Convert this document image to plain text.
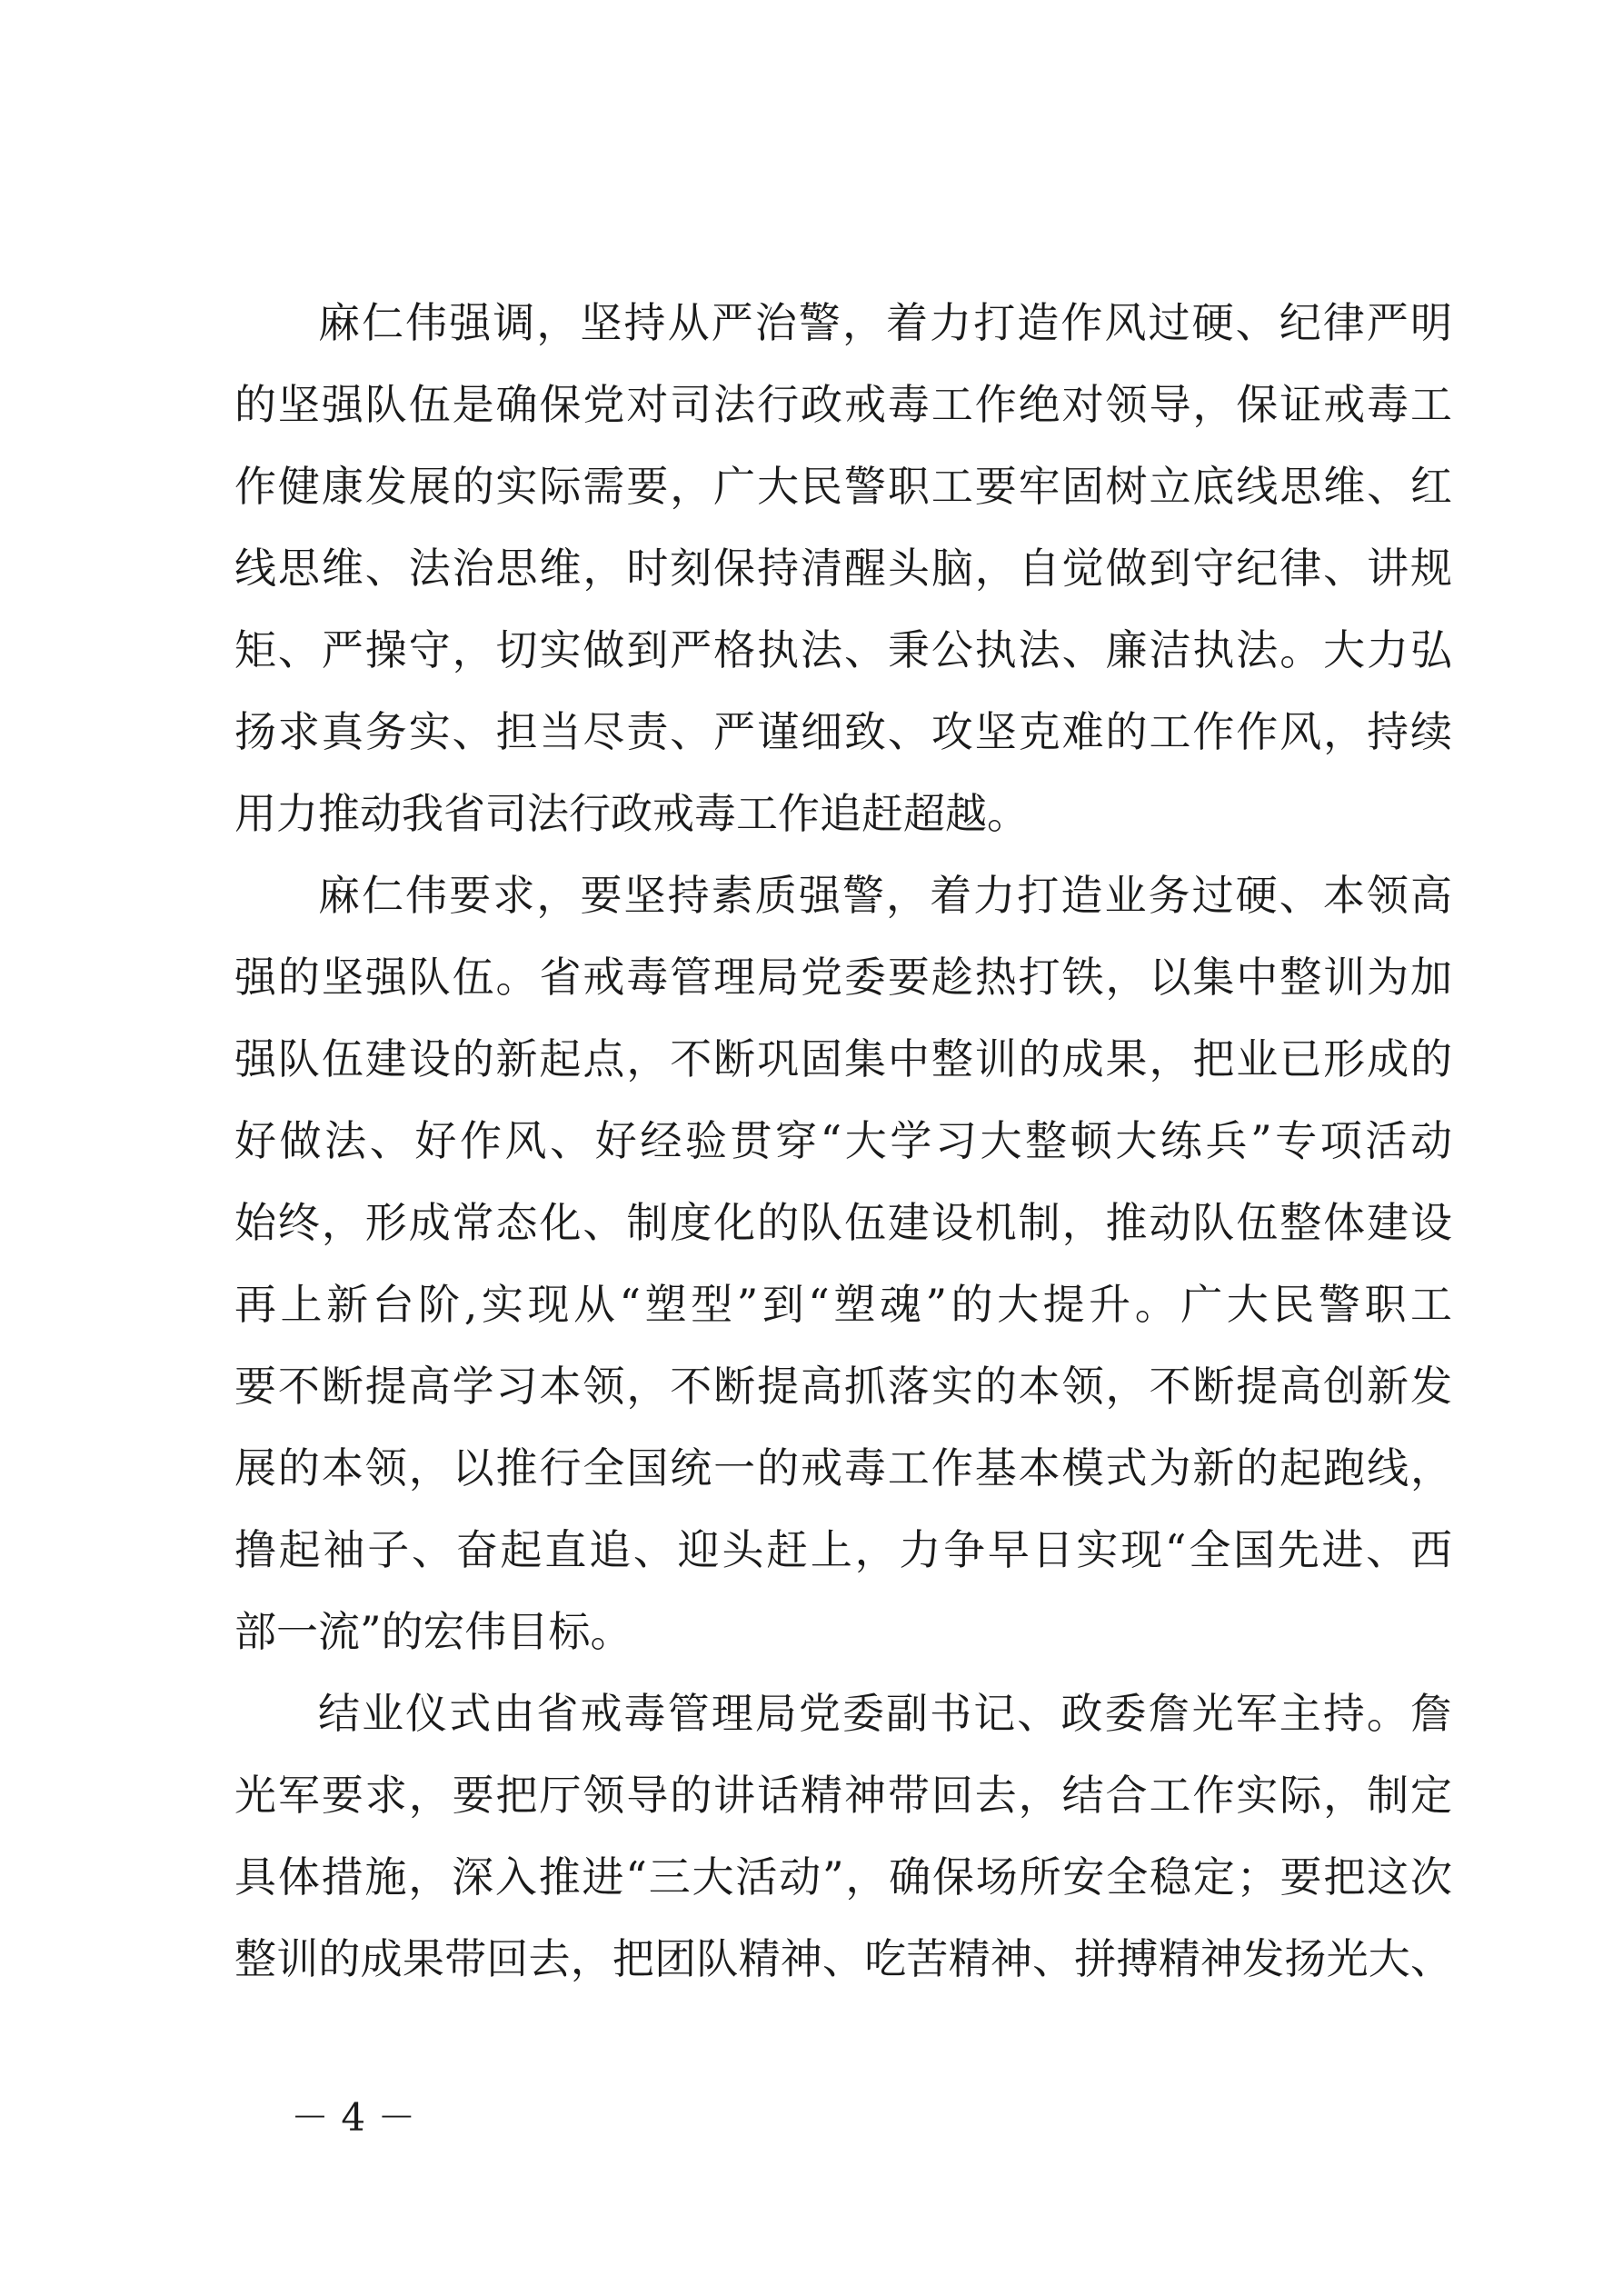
麻仁伟强调，坚持从严治警，着力打造作风过硬、纪律严明
的坚强队伍是确保党对司法行政戒毒工作绝对领导，保证戒毒工
作健康发展的实际需要，广大民警职工要牢固树立底线思维、红
线思维、法治思维，时刻保持清醒头脑，自觉做到守纪律、讲规
矩、严操守，切实做到严格执法、秉公执法、廉洁执法。大力弘
扬求真务实、担当尽责、严谨细致、攻坚克难的工作作风，持续
用力推动我省司法行政戒毒工作追赶超越。
麻仁伟要求，要坚持素质强警，着力打造业务过硬、本领高
强的坚强队伍。省戒毒管理局党委要趁热打铁，以集中整训为加
强队伍建设的新起点，不断巩固集中整训的成果，把业已形成的
好做法、好作风、好经验贯穿“大学习大整顿大练兵”专项活动
始终，形成常态化、制度化的队伍建设机制，推动队伍整体建设
再上新台阶,实现从“塑型”到“塑魂”的大提升。广大民警职工
要不断提高学习本领，不断提高抓落实的本领，不断提高创新发
展的本领，以推行全国统一的戒毒工作基本模式为新的起跑线，
撸起袖子、奋起直追、迎头赶上，力争早日实现“全国先进、西
部一流”的宏伟目标。
结业仪式由省戒毒管理局党委副书记、政委詹光军主持。詹
光军要求，要把厅领导的讲话精神带回去，结合工作实际，制定
具体措施，深入推进“三大活动”，确保场所安全稳定；要把这次
整训的成果带回去，把团队精神、吃苦精神、拼搏精神发扬光大、
－ 4 －
